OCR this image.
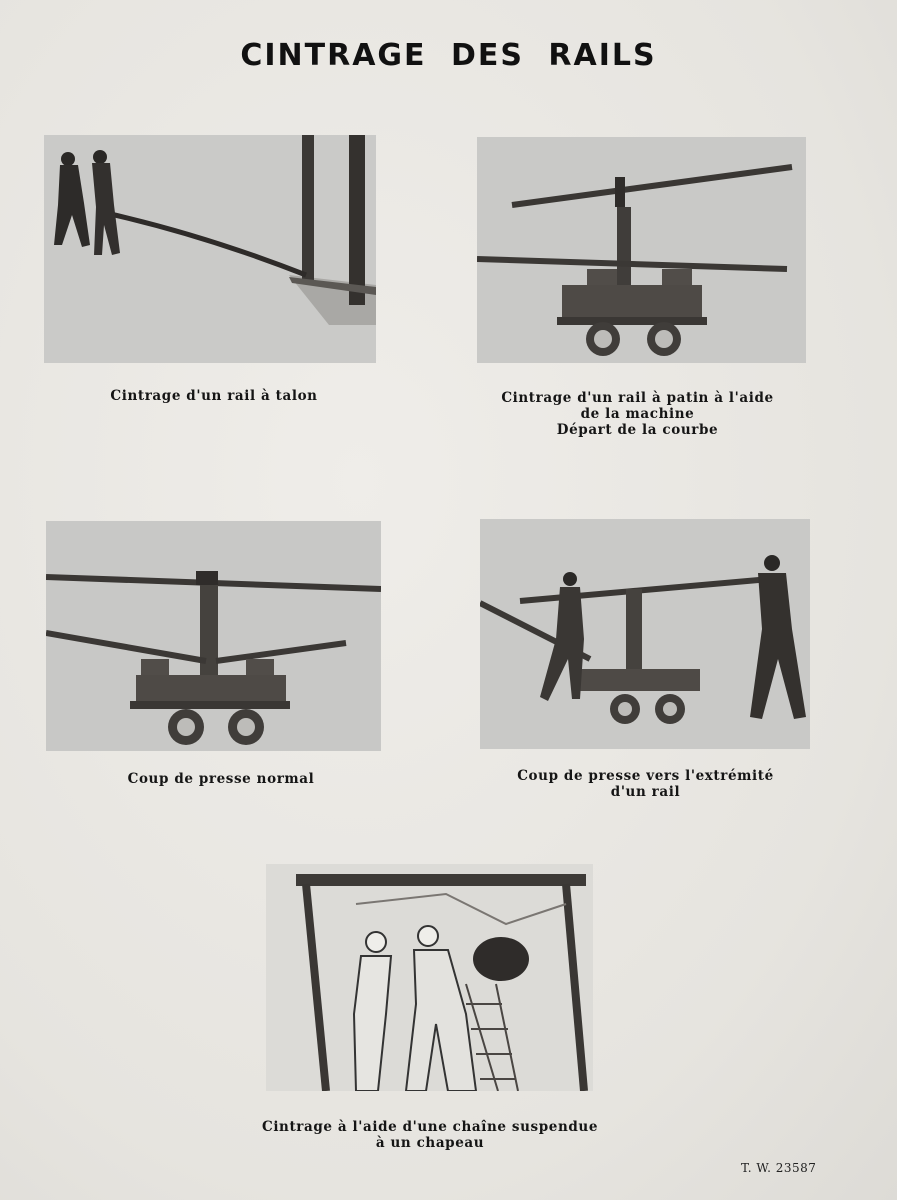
CINTRAGE DES RAILS
Cintrage d'un rail à talon	Cintrage d'un rail à patin à l'aide
de la machine
Départ de la courbe
Coup de presse normal	Coup de presse vers l'extrémité
d'un rail
Cintrage à l'aide d'une chaîne suspendue
à un chapeau
T. W. 23587
